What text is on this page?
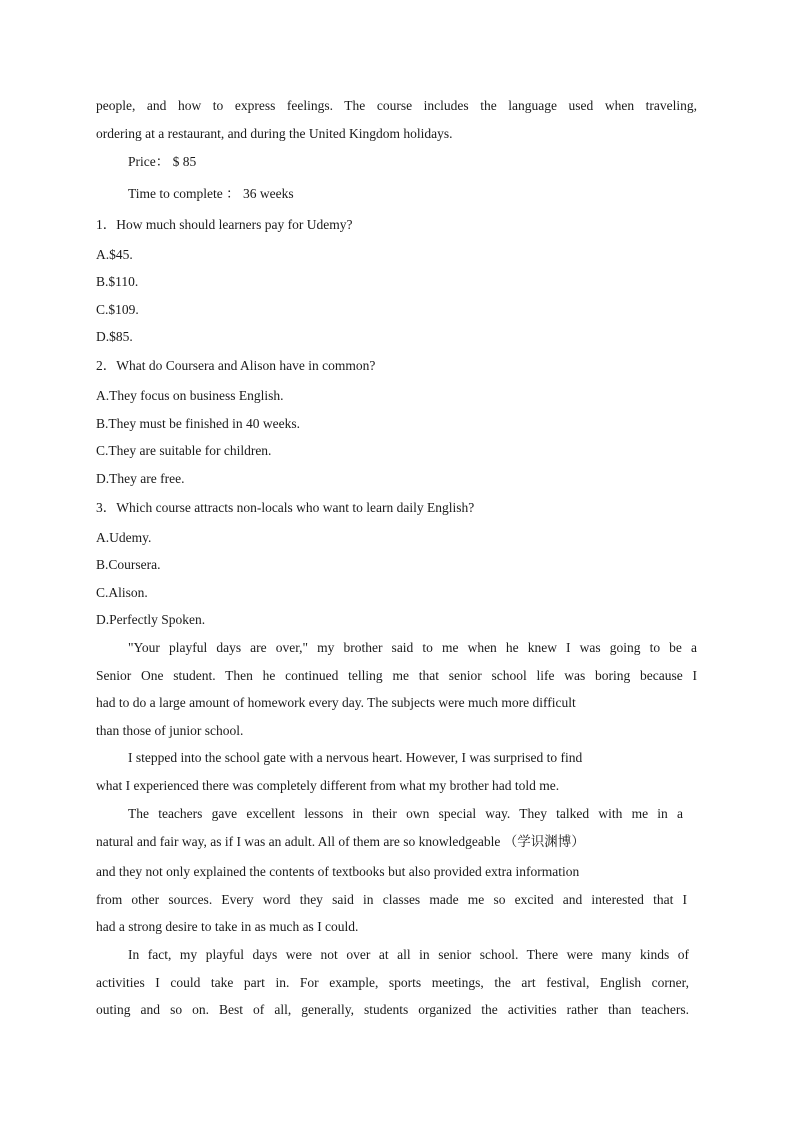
people, and how to express feelings. The course includes the language used when traveling,
ordering at a restaurant, and during the United Kingdom holidays.
Price： $ 85
Time to complete ： 36 weeks
1．How much should learners pay for Udemy?
A.$45.
B.$110.
C.$109.
D.$85.
2．What do Coursera and Alison have in common?
A.They focus on business English.
B.They must be finished in 40 weeks.
C.They are suitable for children.
D.They are free.
3．Which course attracts non-locals who want to learn daily English?
A.Udemy.
B.Coursera.
C.Alison.
D.Perfectly Spoken.
"Your playful days are over," my brother said to me when he knew I was going to be a
Senior One student. Then he continued telling me that senior school life was boring because I
had to do a large amount of homework every day. The subjects were much more difficult
than those of junior school.
I stepped into the school gate with a nervous heart. However, I was surprised to find
what I experienced there was completely different from what my brother had told me.
The teachers gave excellent lessons in their own special way. They talked with me in a
natural and fair way, as if I was an adult. All of them are so knowledgeable （学识渊博）
and they not only explained the contents of textbooks but also provided extra information
from other sources. Every word they said in classes made me so excited and interested that I
had a strong desire to take in as much as I could.
In fact, my playful days were not over at all in senior school. There were many kinds of
activities I could take part in. For example, sports meetings, the art festival, English corner,
outing and so on. Best of all, generally, students organized the activities rather than teachers.
